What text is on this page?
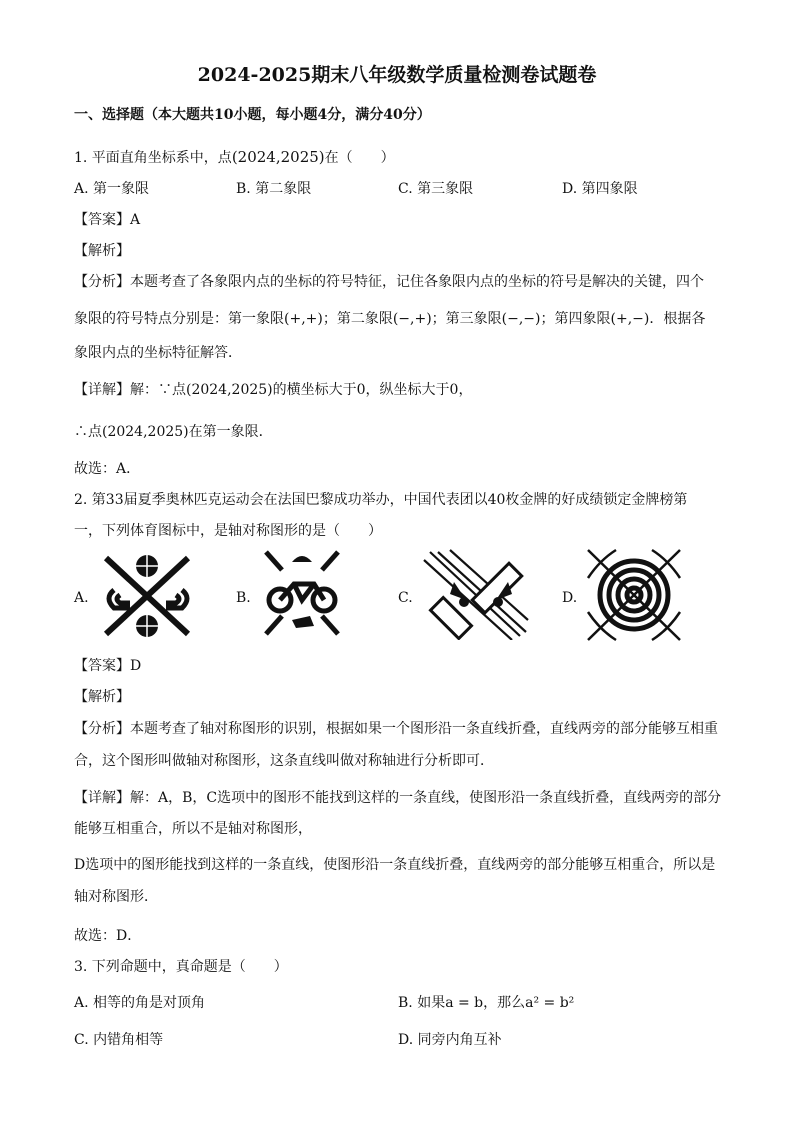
2024-2025期末八年级数学质量检测卷试题卷
一、选择题（本大题共10小题，每小题4分，满分40分）
1. 平面直角坐标系中，点(2024,2025)在（　　）
A. 第一象限	B. 第二象限	C. 第三象限	D. 第四象限
【答案】A
【解析】
【分析】本题考查了各象限内点的坐标的符号特征，记住各象限内点的坐标的符号是解决的关键，四个
象限的符号特点分别是：第一象限(+,+)；第二象限(−,+)；第三象限(−,−)；第四象限(+,−)．根据各
象限内点的坐标特征解答．
【详解】解：∵点(2024,2025)的横坐标大于0，纵坐标大于0，
∴点(2024,2025)在第一象限．
故选：A．
2. 第33届夏季奥林匹克运动会在法国巴黎成功举办，中国代表团以40枚金牌的好成绩锁定金牌榜第
一，下列体育图标中，是轴对称图形的是（　　）
A.	B.	C.	D.
【答案】D
【解析】
【分析】本题考查了轴对称图形的识别，根据如果一个图形沿一条直线折叠，直线两旁的部分能够互相重
合，这个图形叫做轴对称图形，这条直线叫做对称轴进行分析即可．
【详解】解：A，B，C选项中的图形不能找到这样的一条直线，使图形沿一条直线折叠，直线两旁的部分
能够互相重合，所以不是轴对称图形，
D选项中的图形能找到这样的一条直线，使图形沿一条直线折叠，直线两旁的部分能够互相重合，所以是
轴对称图形．
故选：D．
3. 下列命题中，真命题是（　　）
A. 相等的角是对顶角	B. 如果a = b，那么a² = b²
C. 内错角相等	D. 同旁内角互补
